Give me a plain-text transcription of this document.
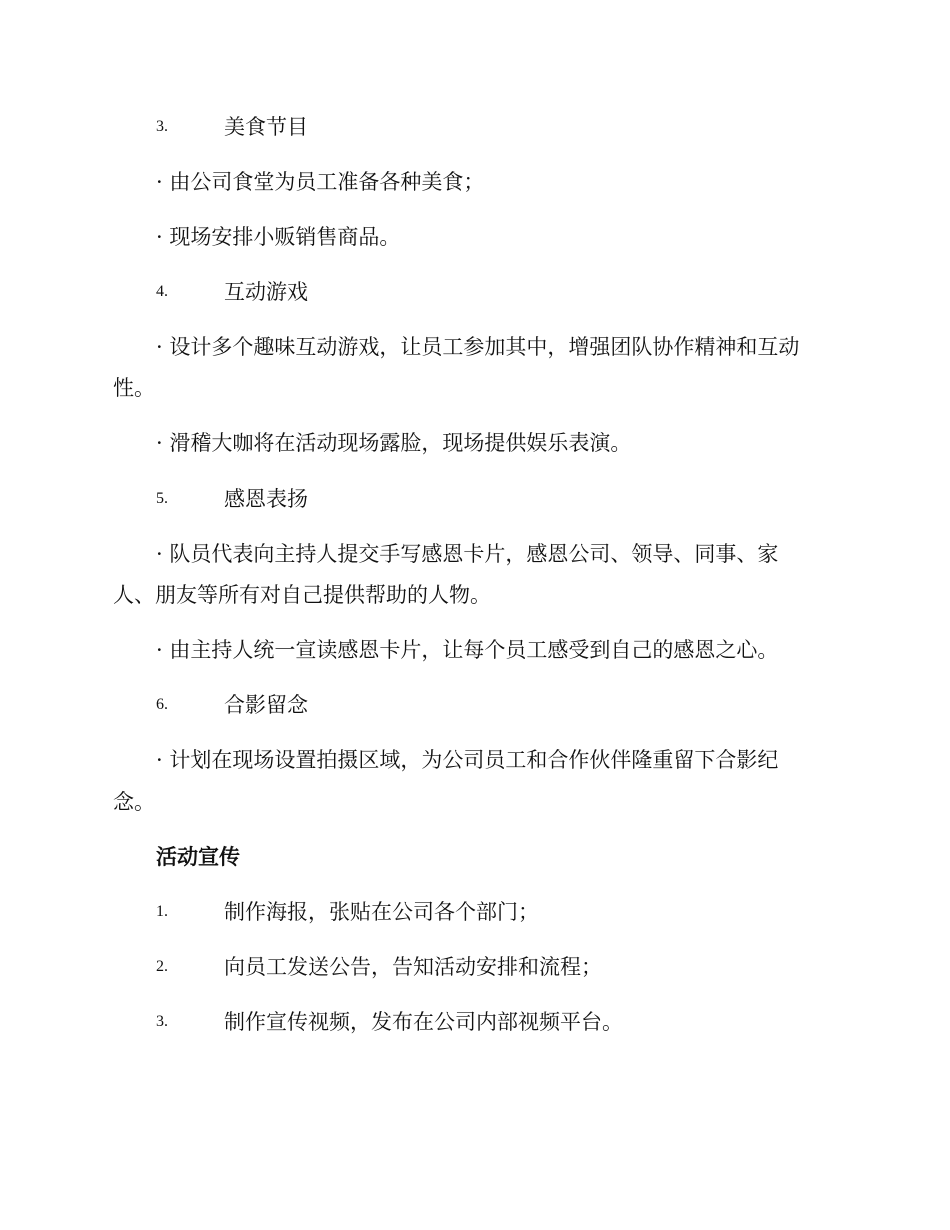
3.	美食节目
· 由公司食堂为员工准备各种美食；
· 现场安排小贩销售商品。
4.	互动游戏
· 设计多个趣味互动游戏，让员工参加其中，增强团队协作精神和互动
性。
· 滑稽大咖将在活动现场露脸，现场提供娱乐表演。
5.	感恩表扬
· 队员代表向主持人提交手写感恩卡片，感恩公司、领导、同事、家
人、朋友等所有对自己提供帮助的人物。
· 由主持人统一宣读感恩卡片，让每个员工感受到自己的感恩之心。
6.	合影留念
· 计划在现场设置拍摄区域，为公司员工和合作伙伴隆重留下合影纪
念。
活动宣传
1.	制作海报，张贴在公司各个部门；
2.	向员工发送公告，告知活动安排和流程；
3.	制作宣传视频，发布在公司内部视频平台。
